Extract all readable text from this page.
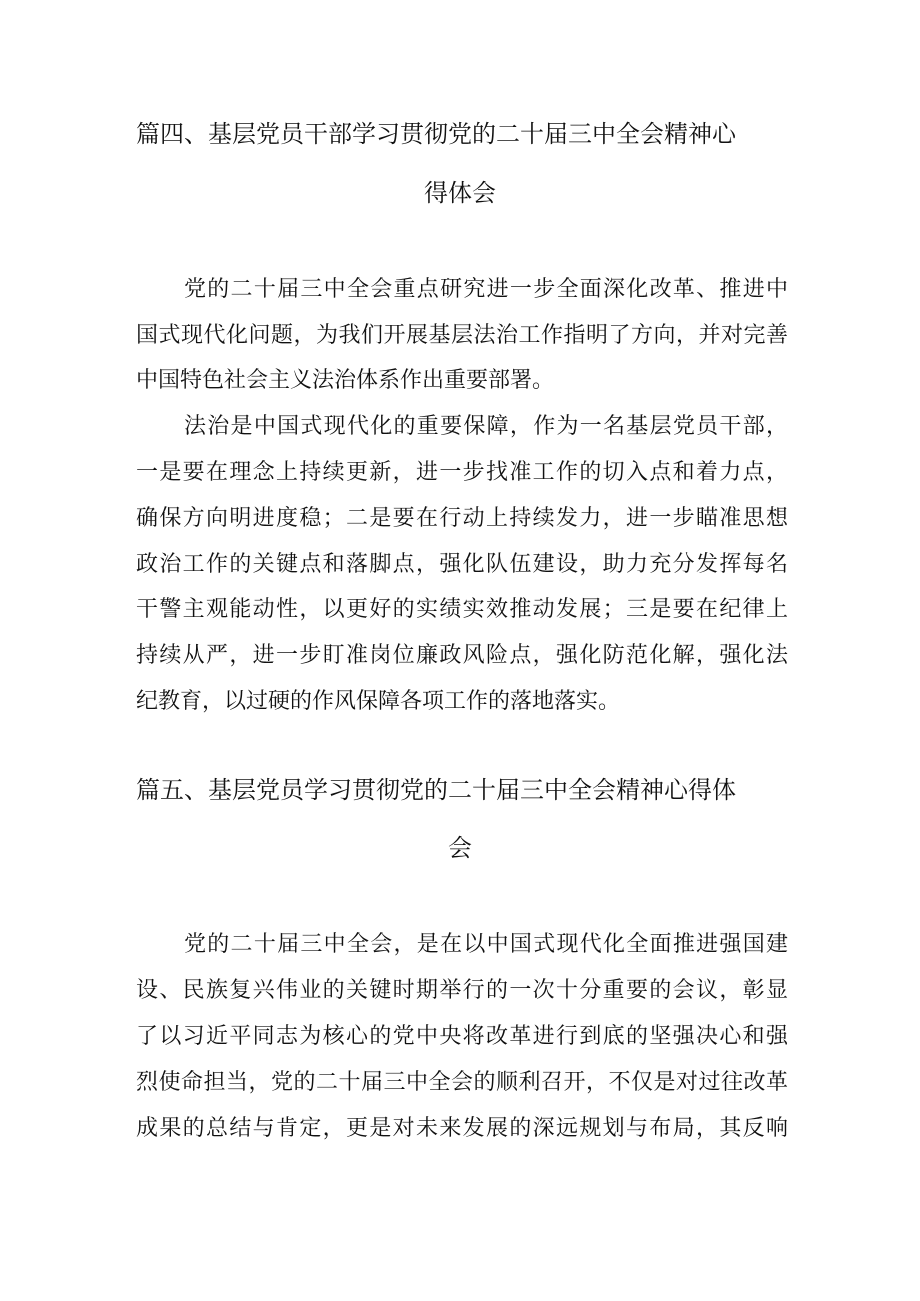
篇四、基层党员干部学习贯彻党的二十届三中全会精神心
得体会
党的二十届三中全会重点研究进一步全面深化改革、推进中
国式现代化问题，为我们开展基层法治工作指明了方向，并对完善
中国特色社会主义法治体系作出重要部署。
法治是中国式现代化的重要保障，作为一名基层党员干部，
一是要在理念上持续更新，进一步找准工作的切入点和着力点，
确保方向明进度稳；二是要在行动上持续发力，进一步瞄准思想
政治工作的关键点和落脚点，强化队伍建设，助力充分发挥每名
干警主观能动性，以更好的实绩实效推动发展；三是要在纪律上
持续从严，进一步盯准岗位廉政风险点，强化防范化解，强化法
纪教育，以过硬的作风保障各项工作的落地落实。
篇五、基层党员学习贯彻党的二十届三中全会精神心得体
会
党的二十届三中全会，是在以中国式现代化全面推进强国建
设、民族复兴伟业的关键时期举行的一次十分重要的会议，彰显
了以习近平同志为核心的党中央将改革进行到底的坚强决心和强
烈使命担当，党的二十届三中全会的顺利召开，不仅是对过往改革
成果的总结与肯定，更是对未来发展的深远规划与布局，其反响
